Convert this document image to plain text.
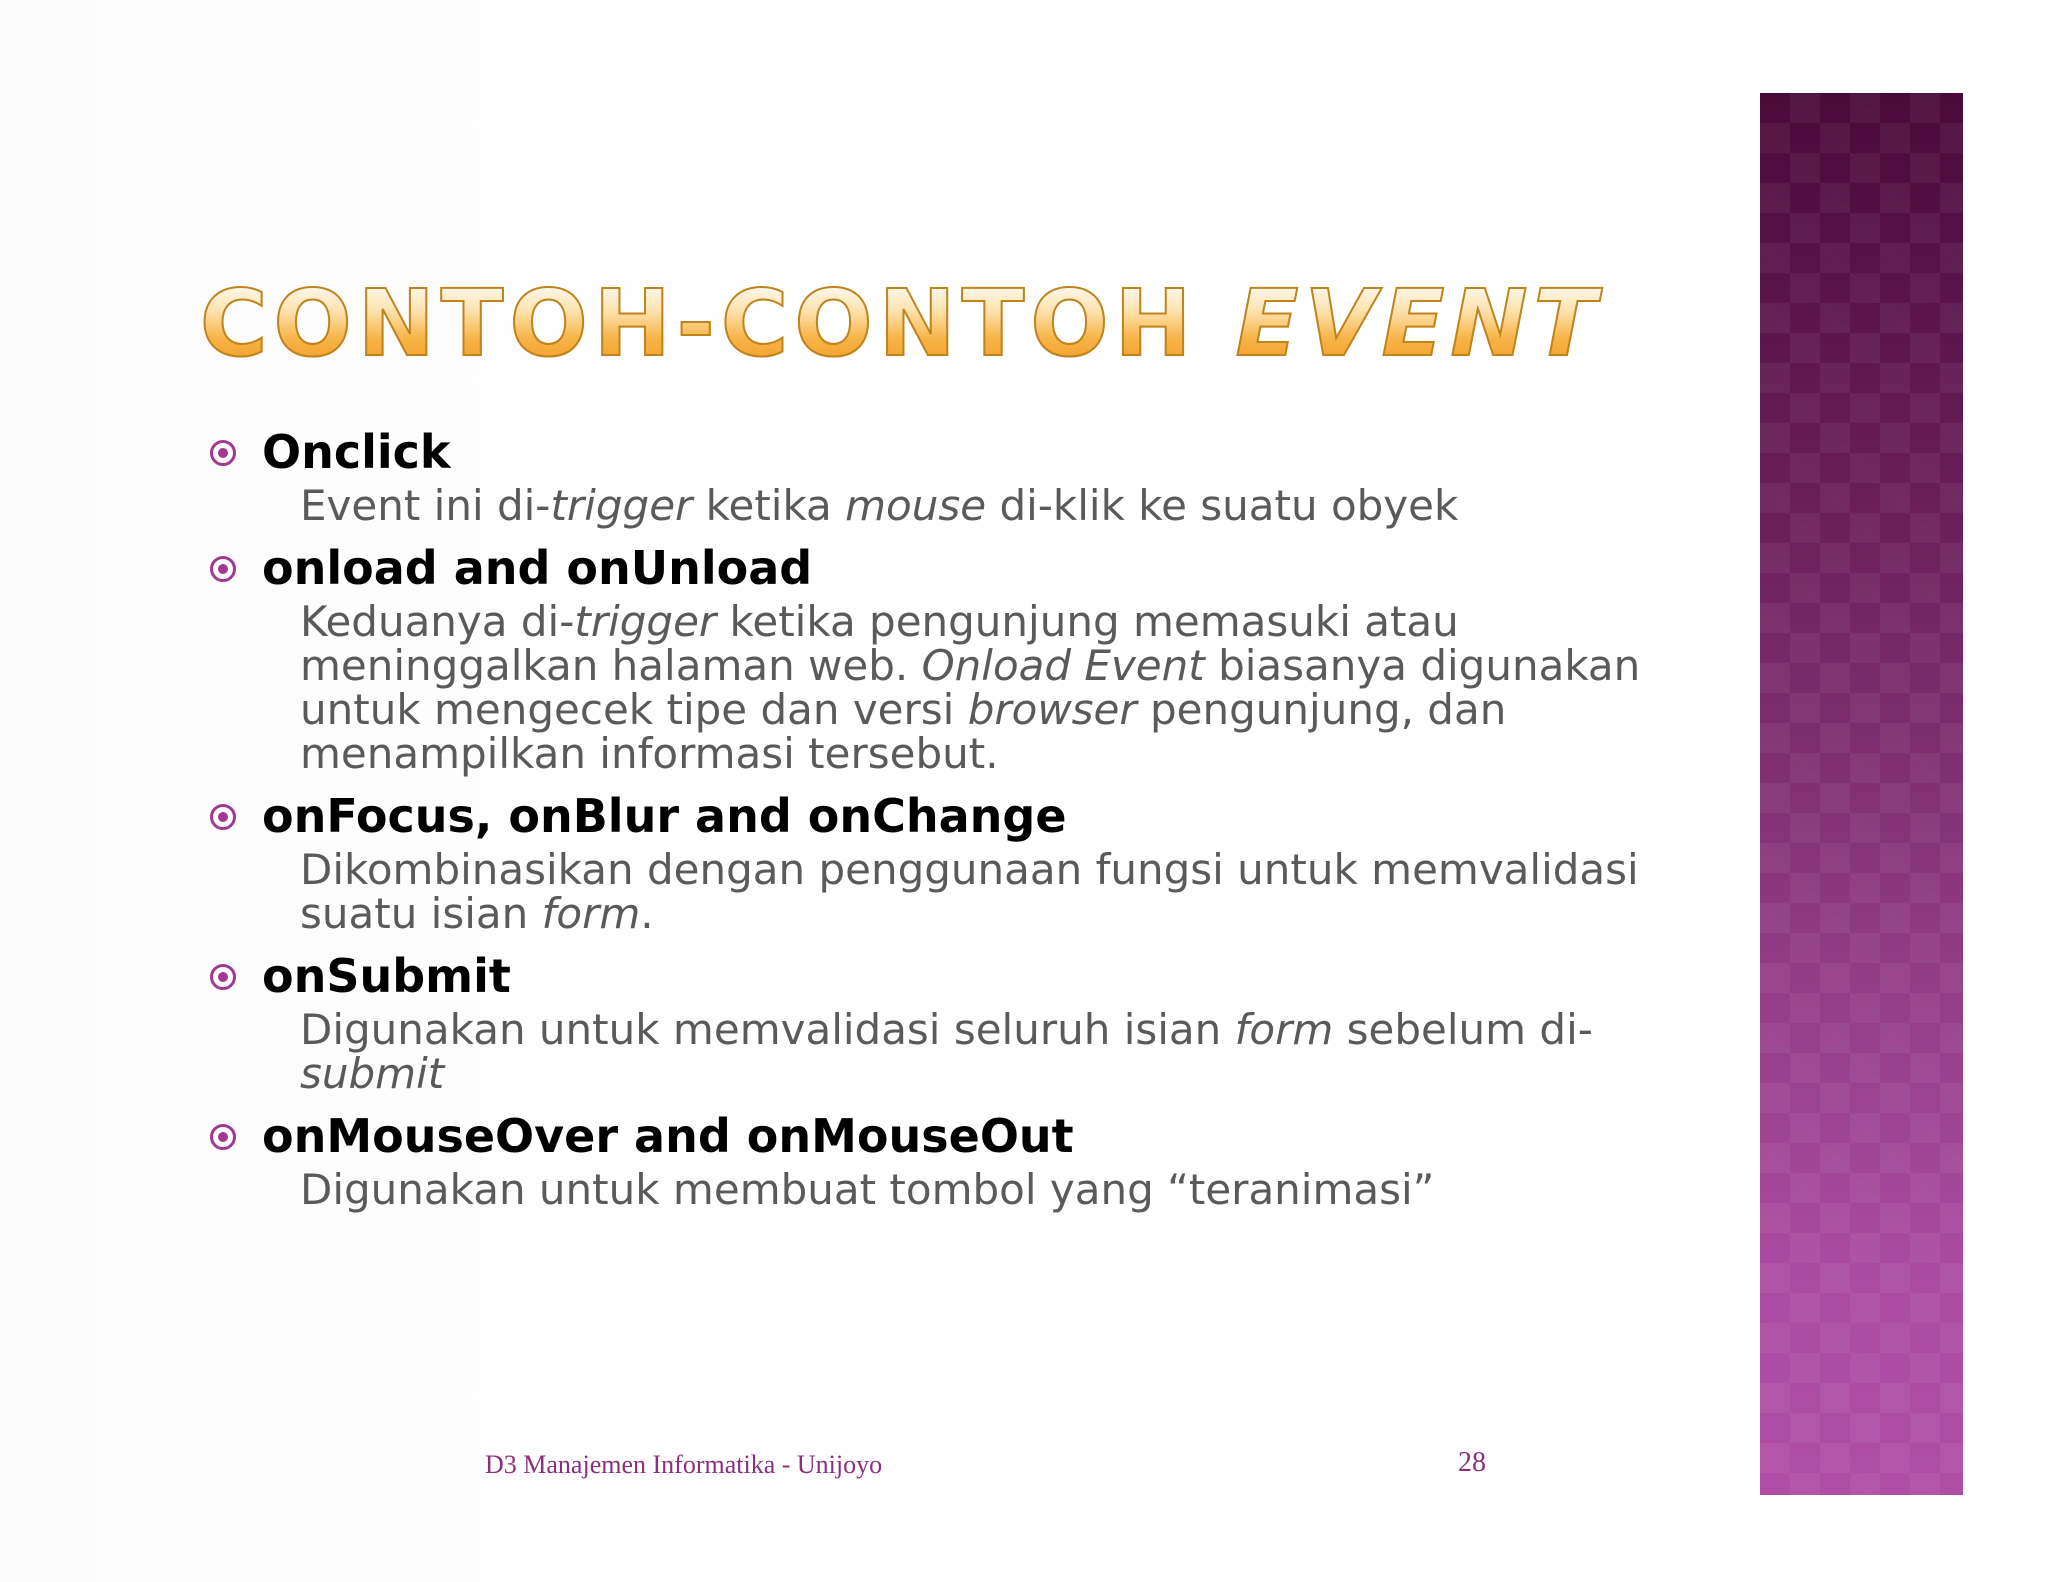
CONTOH-CONTOH EVENT
Onclick

Event ini di-trigger ketika mouse di-klik ke suatu obyek

onload and onUnload

Keduanya di-trigger ketika pengunjung memasuki atau

meninggalkan halaman web. Onload Event biasanya digunakan

untuk mengecek tipe dan versi browser pengunjung, dan

menampilkan informasi tersebut.

onFocus, onBlur and onChange

Dikombinasikan dengan penggunaan fungsi untuk memvalidasi

suatu isian form.

onSubmit

Digunakan untuk memvalidasi seluruh isian form sebelum di-

submit

onMouseOver and onMouseOut

Digunakan untuk membuat tombol yang “teranimasi”

D3 Manajemen Informatika - Unijoyo	28
